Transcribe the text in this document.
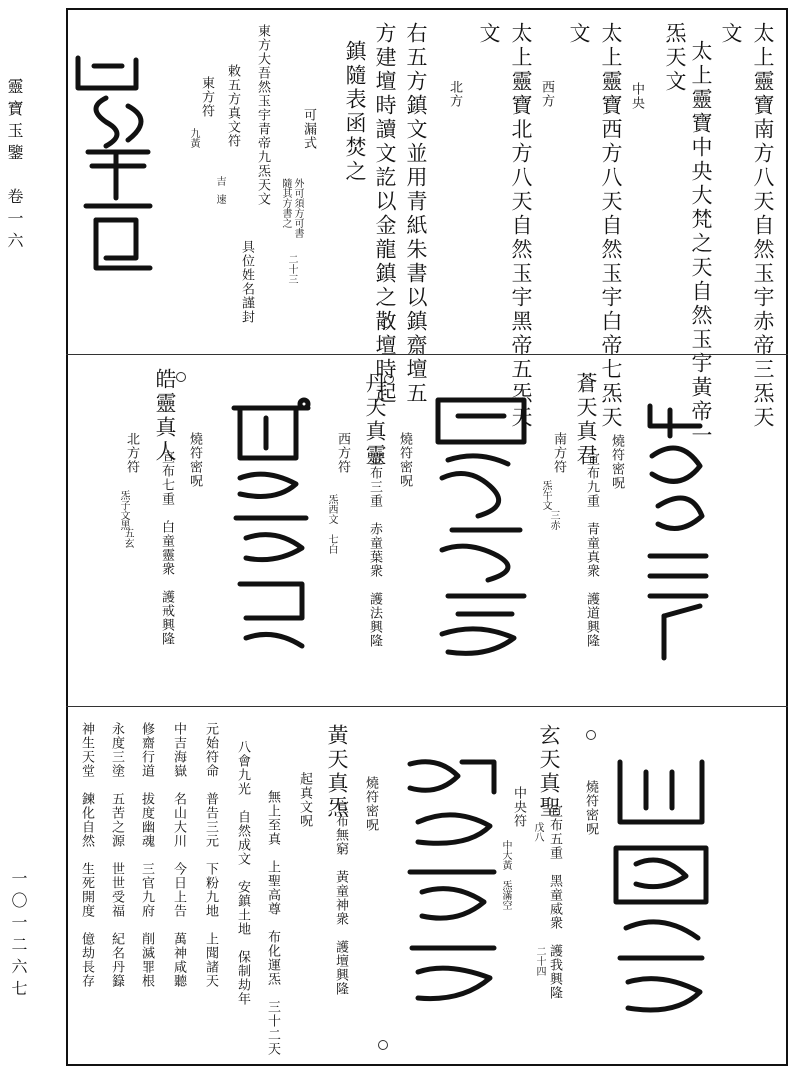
靈寶玉鑒　卷一六
一〇一二六七
太上靈寶南方八天自然玉宇赤帝三炁天
文
太上靈寶中央大梵之天自然玉宇黃帝一
炁天文
中央
太上靈寶西方八天自然玉宇白帝七炁天
文
西方
太上靈寶北方八天自然玉宇黑帝五炁天
文
北方
右五方鎮文並用青紙朱書以鎮齋壇五
方建壇時讀文訖以金龍鎮之散壇時起
鎮隨表函焚之
可漏式
外可須方可書
隨其方書之
二十三
東方大吾然玉宇青帝九炁天文
敕五方真文符
吉
速
東方符
九黃
具位姓名謹封
蒼天真君 燒符密呪
南方符
炁午文
三赤 宣布九重　青童真衆　護道興隆
丹天真靈 燒符密呪
西方符
炁西文
七白 宣布三重　赤童葉衆　護法興隆
皓靈真人 燒符密呪
北方符
炁子文黑
五玄 宣布七重　白童靈衆　護戒興隆
玄天真聖 燒符密呪
中央符
戊八
中大黃
炁滿空	宣布五重　黑童威衆　護我興隆
二十四
黃天真炁 燒符密呪
起真文呪 宣布無窮　黃童神衆　護壇興隆
無上至真　上聖高尊　布化運炁　三十二天
八會九光　自然成文　安鎮土地　保制劫年
元始符命　普告三元　下粉九地　上聞諸天
中吉海嶽　名山大川　今日上告　萬神咸聽
修齋行道　拔度幽魂　三官九府　削滅罪根
永度三塗　五苦之源　世世受福　紀名丹籙
神生天堂　鍊化自然　生死開度　億劫長存
